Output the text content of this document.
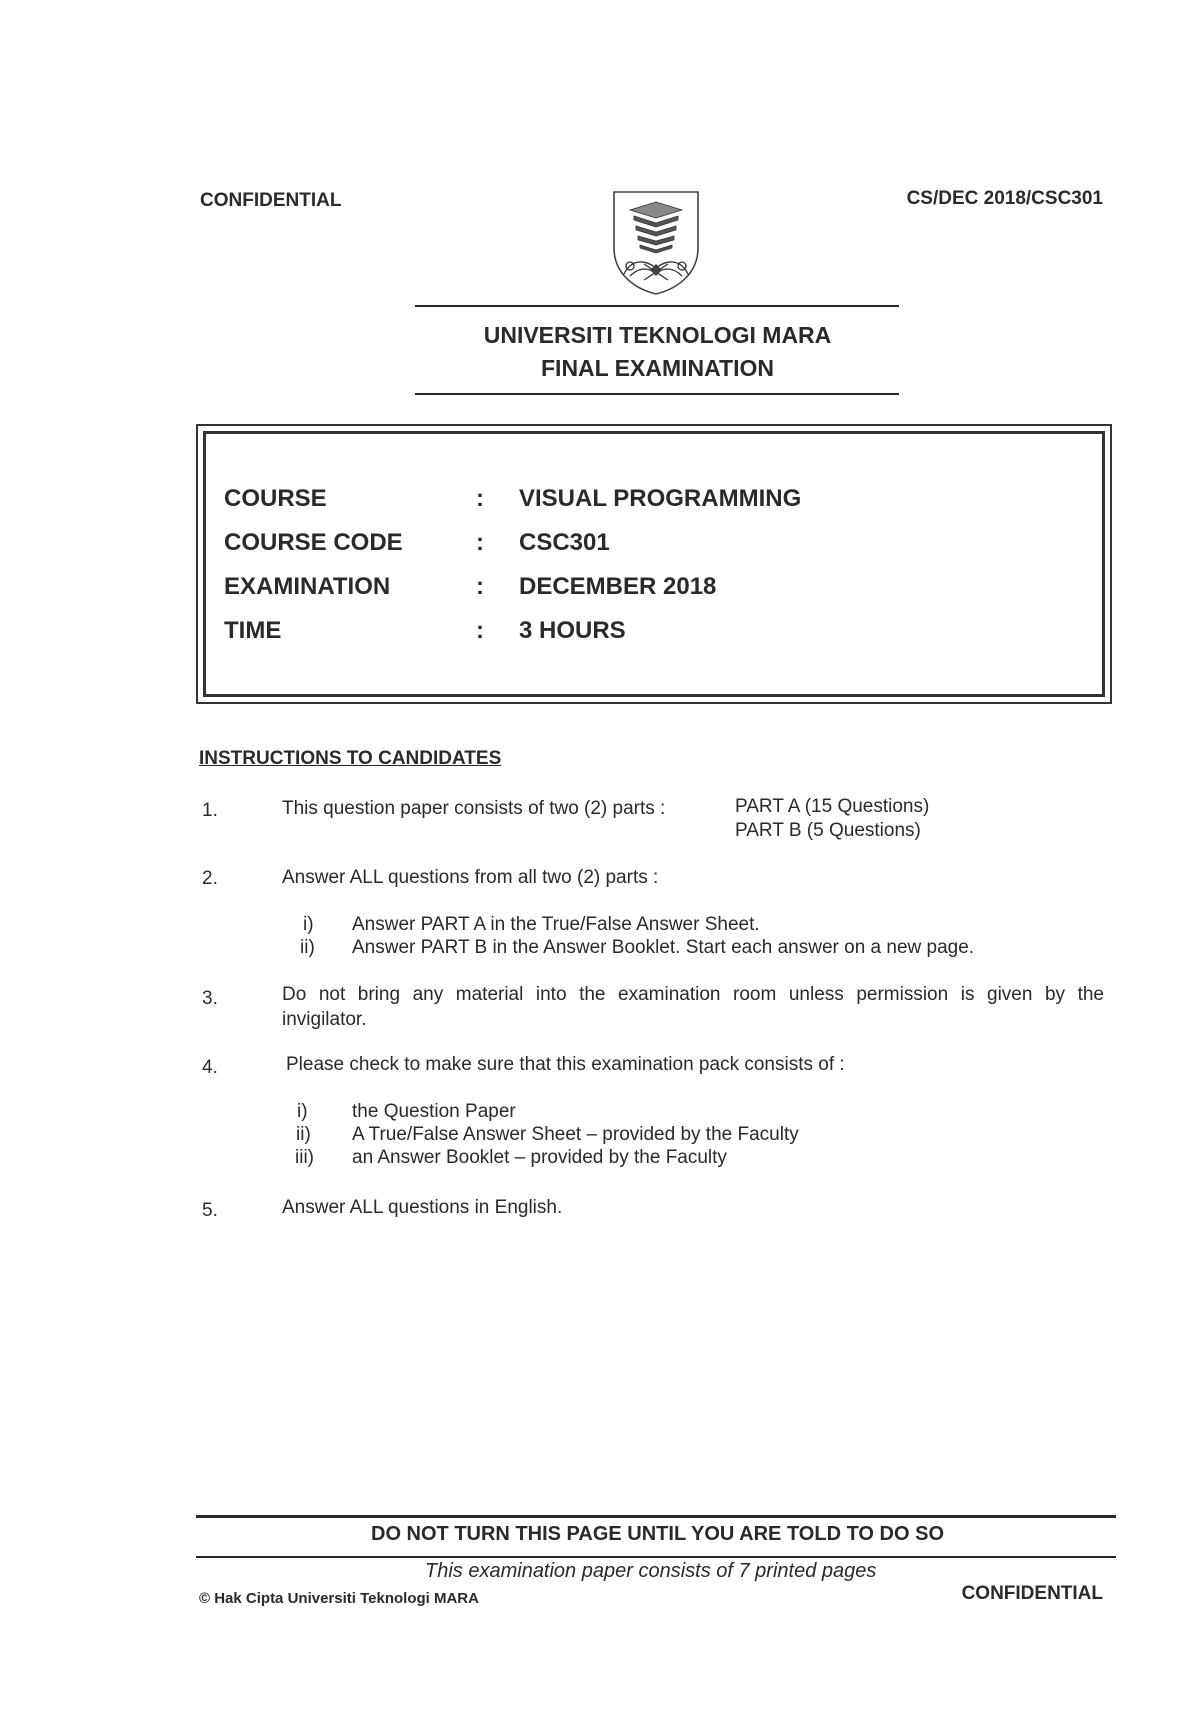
CONFIDENTIAL	CS/DEC 2018/CSC301
UNIVERSITI TEKNOLOGI MARA
FINAL EXAMINATION
COURSE	: VISUAL PROGRAMMING
COURSE CODE	: CSC301
EXAMINATION	: DECEMBER 2018
TIME	: 3 HOURS
INSTRUCTIONS TO CANDIDATES
1.	This question paper consists of two (2) parts :	PART A (15 Questions)
PART B (5 Questions)
2.	Answer ALL questions from all two (2) parts :
i) Answer PART A in the True/False Answer Sheet.
ii) Answer PART B in the Answer Booklet. Start each answer on a new page.
3.	Do not bring any material into the examination room unless permission is given by the
invigilator.
4.	Please check to make sure that this examination pack consists of :
i) the Question Paper
ii) A True/False Answer Sheet – provided by the Faculty
iii) an Answer Booklet – provided by the Faculty
5.	Answer ALL questions in English.
DO NOT TURN THIS PAGE UNTIL YOU ARE TOLD TO DO SO
This examination paper consists of 7 printed pages
© Hak Cipta Universiti Teknologi MARA	CONFIDENTIAL
